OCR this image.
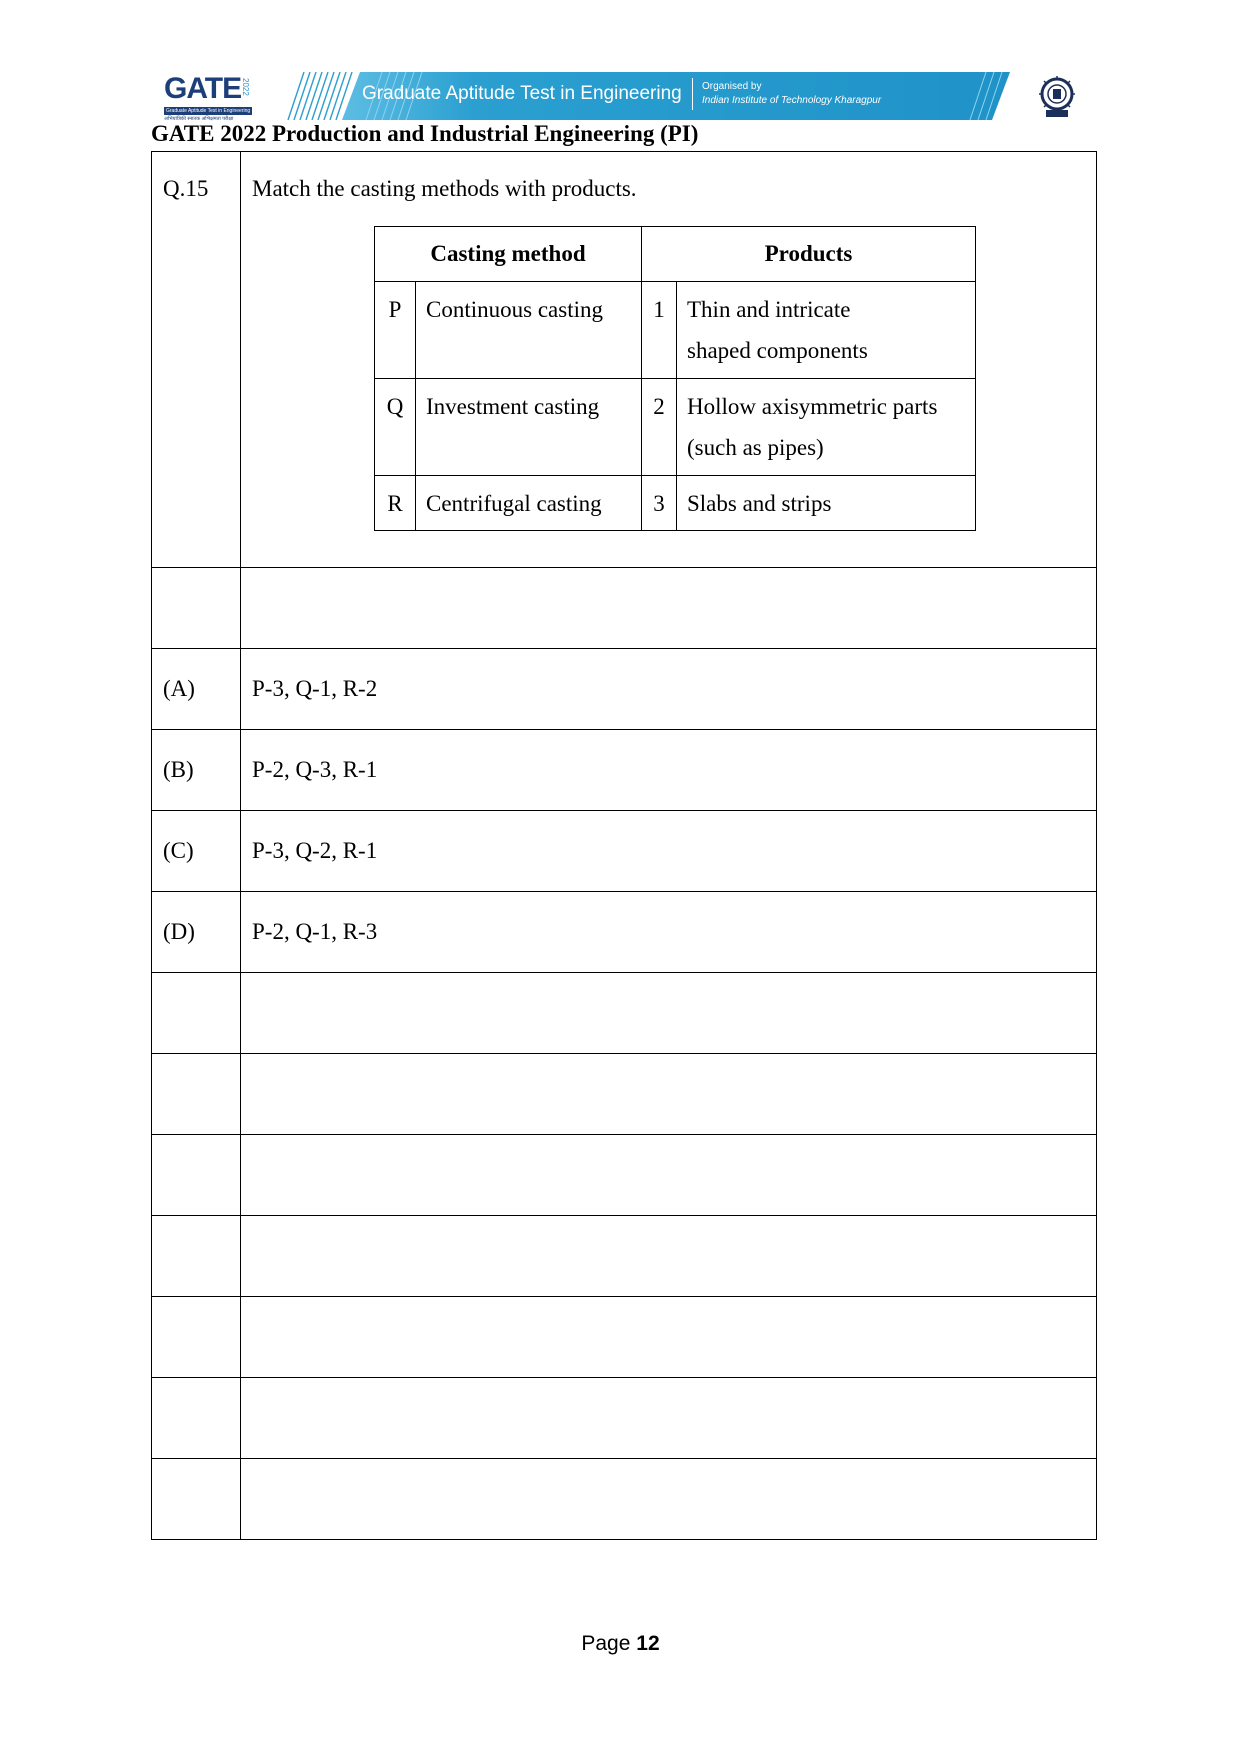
GATE 2022
Graduate Aptitude Test in Engineering
अभियांत्रिकी स्नातक अभिक्षमता परीक्षा
Graduate Aptitude Test in Engineering Organised by
Indian Institute of Technology Kharagpur
GATE 2022 Production and Industrial Engineering (PI)
Q.15	Match the casting methods with products.
Casting method	Products

P	Continuous casting	1	Thin and intricate
shaped components

Q	Investment casting	2	Hollow axisymmetric parts
(such as pipes)

R	Centrifugal casting	3	Slabs and strips

(A)	P-3, Q-1, R-2

(B)	P-2, Q-3, R-1

(C)	P-3, Q-2, R-1

(D)	P-2, Q-1, R-3

Page 12
